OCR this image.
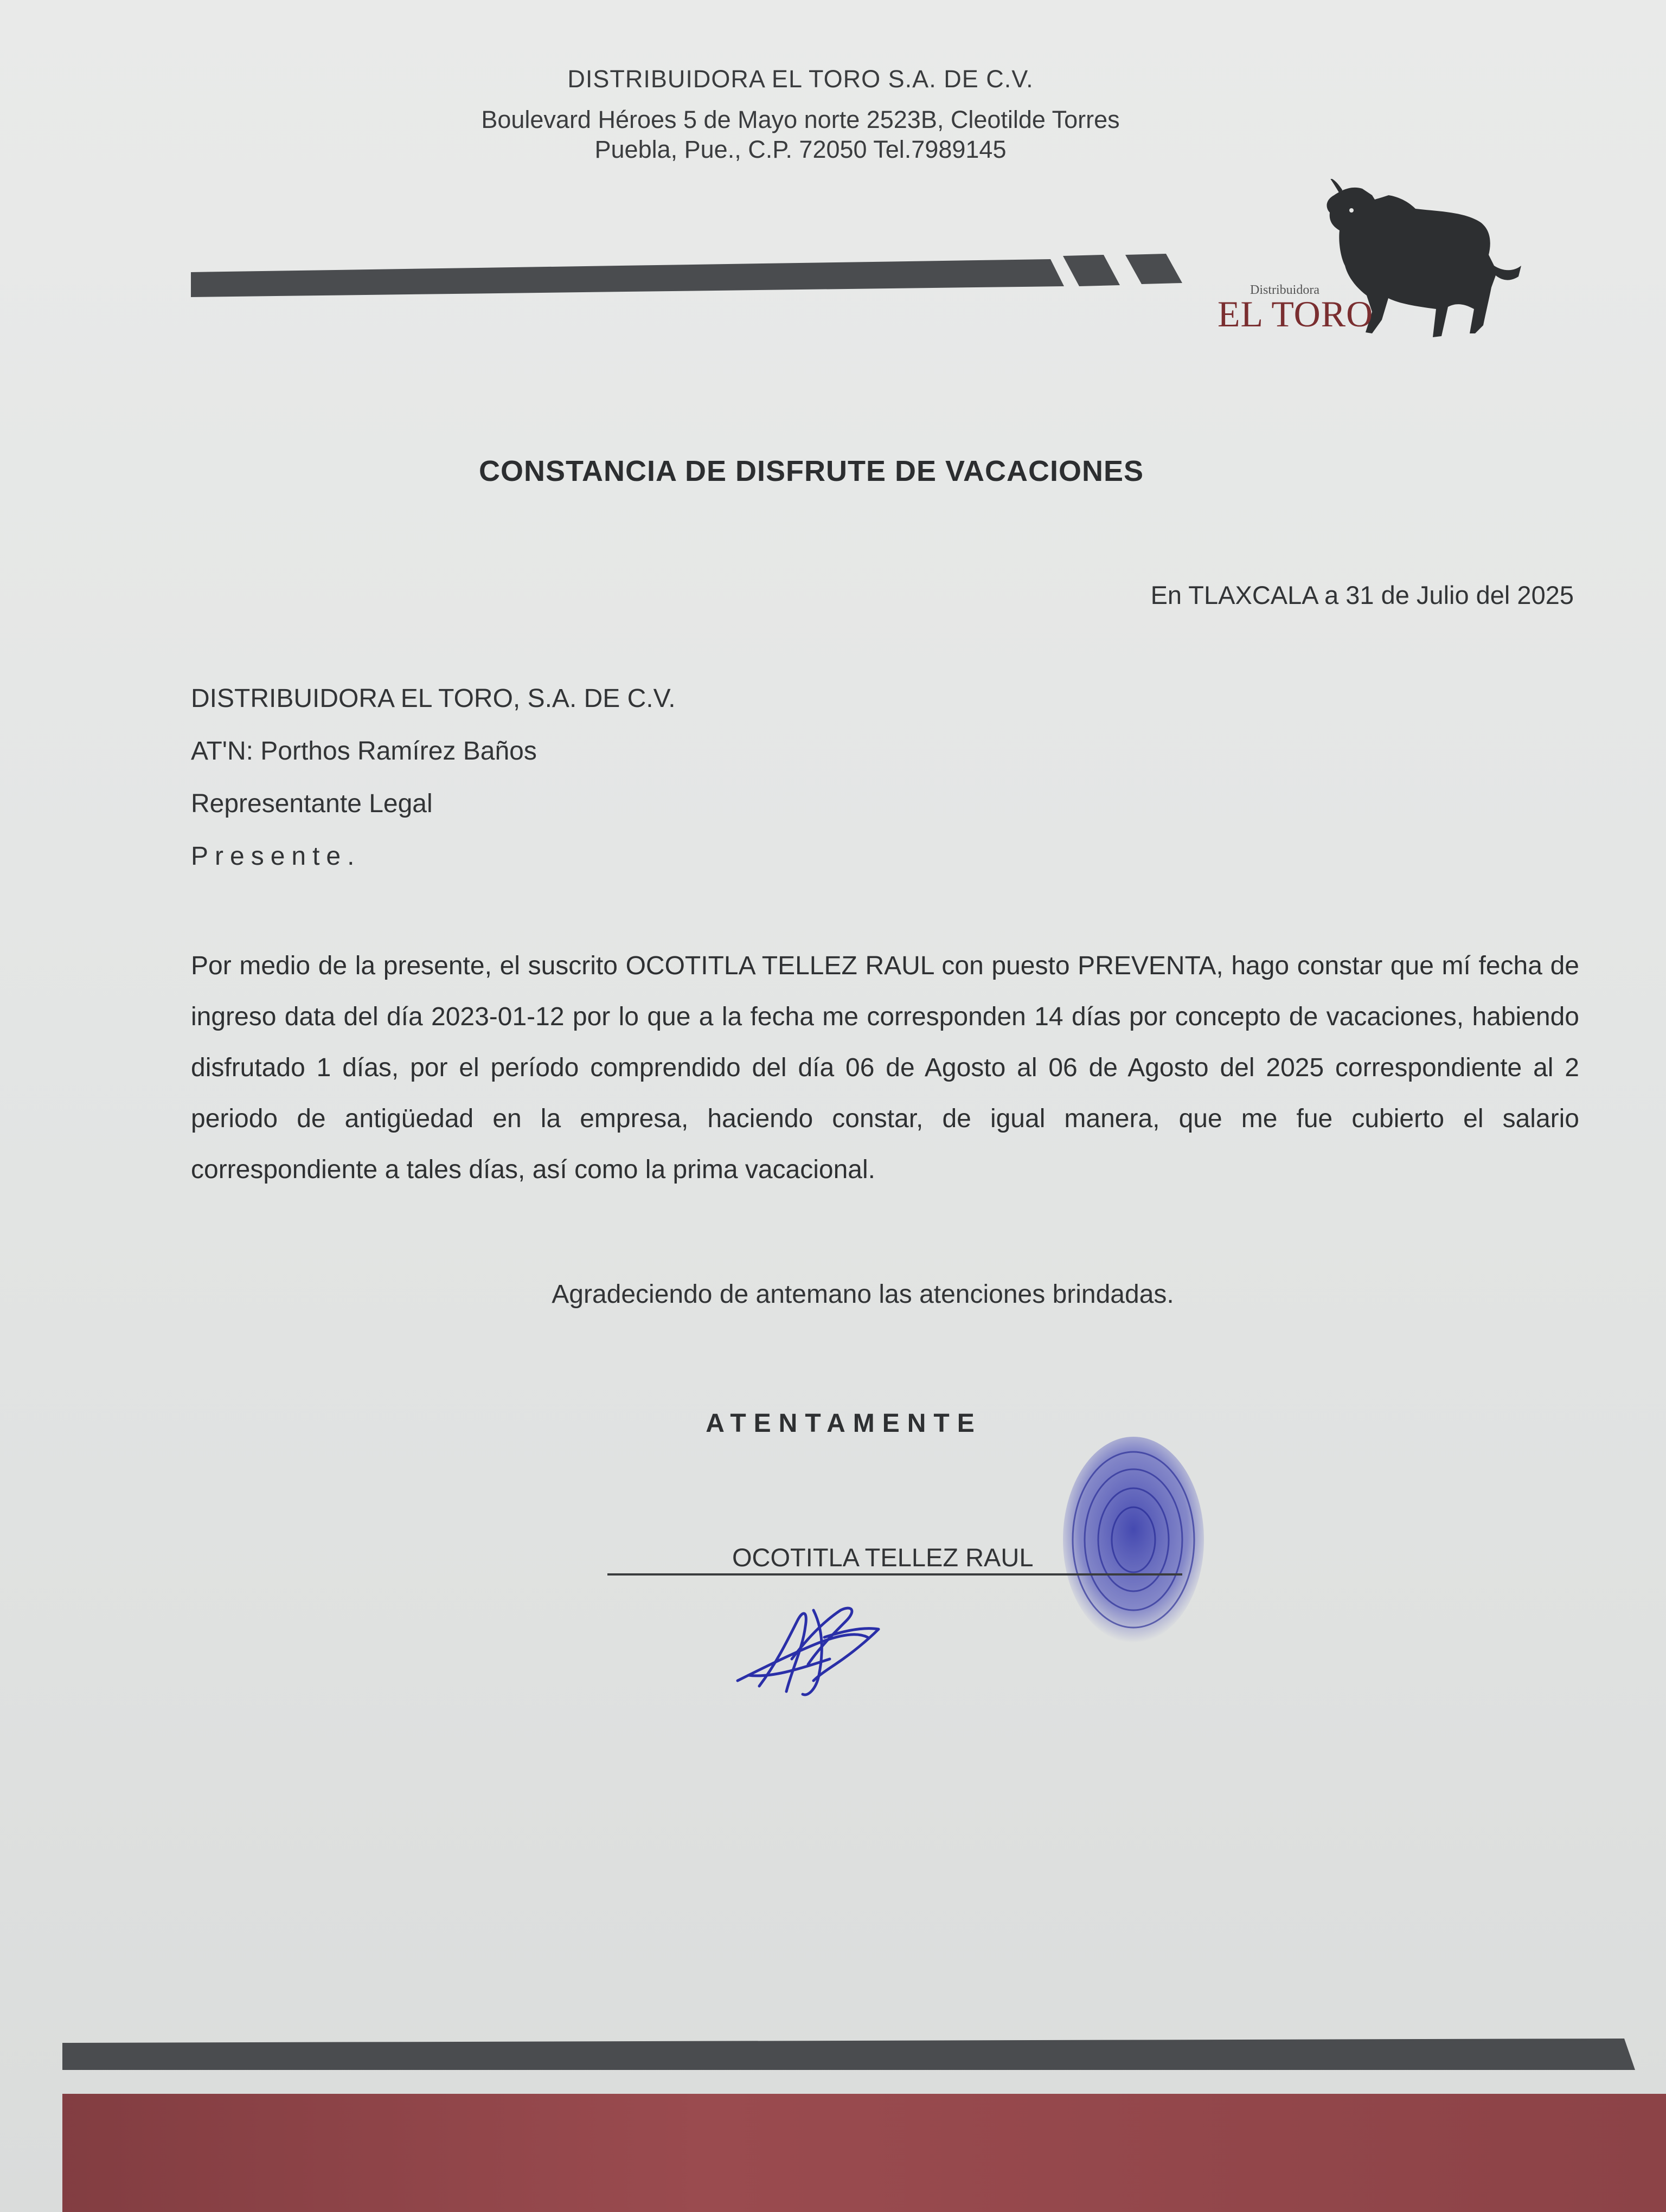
DISTRIBUIDORA EL TORO S.A. DE C.V.
Boulevard Héroes 5 de Mayo norte 2523B, Cleotilde Torres
Puebla, Pue., C.P. 72050 Tel.7989145
Distribuidora
EL TORO
CONSTANCIA DE DISFRUTE DE VACACIONES
En TLAXCALA a 31 de Julio del 2025
DISTRIBUIDORA EL TORO, S.A. DE C.V.
AT'N: Porthos Ramírez Baños
Representante Legal
Presente.

Por medio de la presente, el suscrito OCOTITLA TELLEZ RAUL con puesto PREVENTA, hago constar que mí fecha de ingreso data del día 2023-01-12 por lo que a la fecha me corresponden 14 días por concepto de vacaciones, habiendo disfrutado 1 días, por el período comprendido del día 06 de Agosto al 06 de Agosto del 2025 correspondiente al 2 periodo de antigüedad en la empresa, haciendo constar, de igual manera, que me fue cubierto el salario correspondiente a tales días, así como la prima vacacional.

Agradeciendo de antemano las atenciones brindadas.
ATENTAMENTE
OCOTITLA TELLEZ RAUL
